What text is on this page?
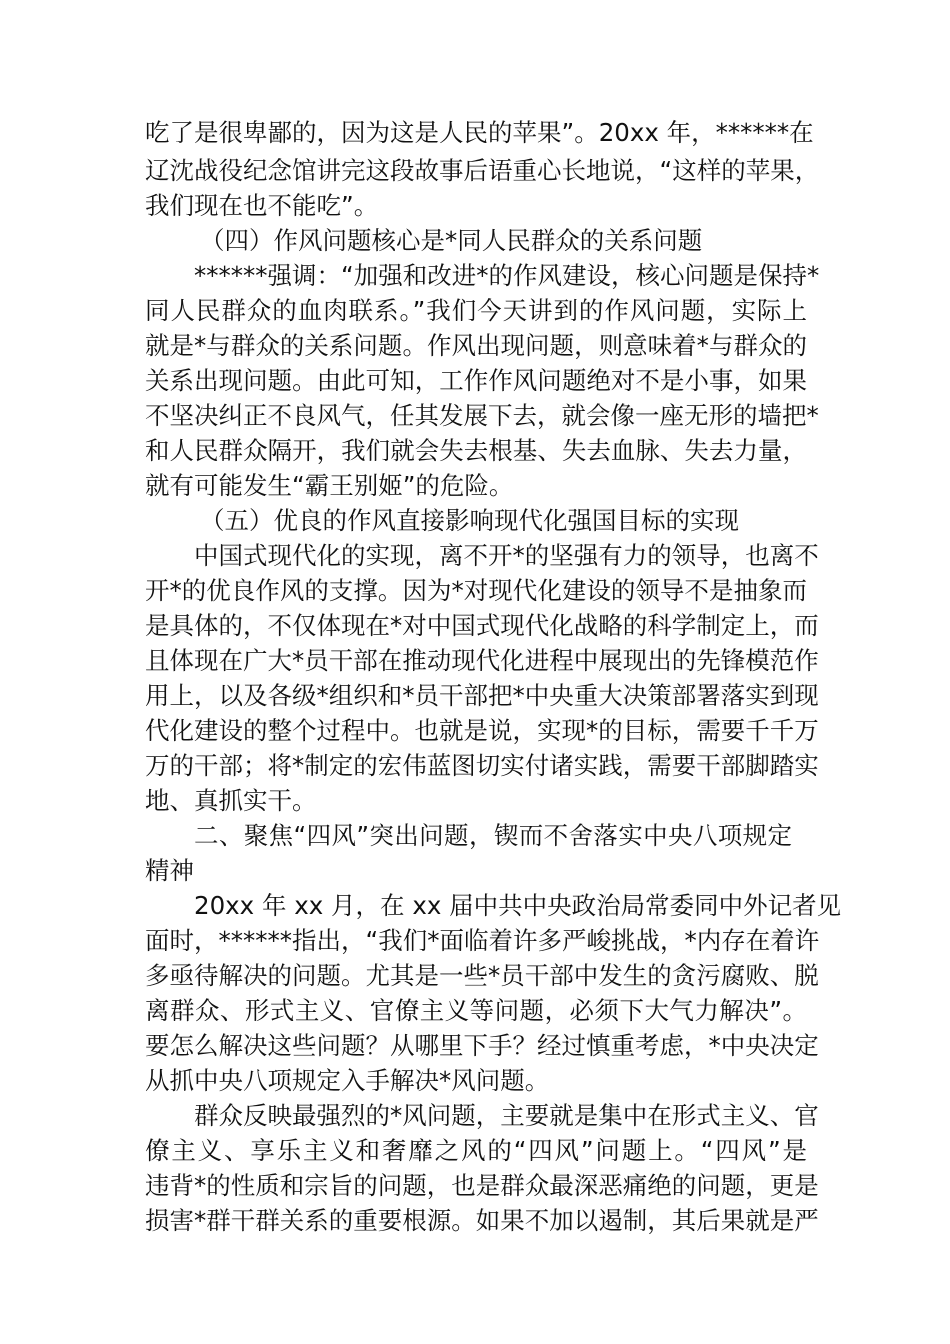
吃了是很卑鄙的，因为这是人民的苹果”。20xx 年，******在
辽沈战役纪念馆讲完这段故事后语重心长地说，“这样的苹果，
我们现在也不能吃”。
（四）作风问题核心是*同人民群众的关系问题
******强调：“加强和改进*的作风建设，核心问题是保持*
同人民群众的血肉联系。”我们今天讲到的作风问题，实际上
就是*与群众的关系问题。作风出现问题，则意味着*与群众的
关系出现问题。由此可知，工作作风问题绝对不是小事，如果
不坚决纠正不良风气，任其发展下去，就会像一座无形的墙把*
和人民群众隔开，我们就会失去根基、失去血脉、失去力量，
就有可能发生“霸王别姬”的危险。
（五）优良的作风直接影响现代化强国目标的实现
中国式现代化的实现，离不开*的坚强有力的领导，也离不
开*的优良作风的支撑。因为*对现代化建设的领导不是抽象而
是具体的，不仅体现在*对中国式现代化战略的科学制定上，而
且体现在广大*员干部在推动现代化进程中展现出的先锋模范作
用上，以及各级*组织和*员干部把*中央重大决策部署落实到现
代化建设的整个过程中。也就是说，实现*的目标，需要千千万
万的干部；将*制定的宏伟蓝图切实付诸实践，需要干部脚踏实
地、真抓实干。
二、聚焦“四风”突出问题，锲而不舍落实中央八项规定
精神
20xx 年 xx 月，在 xx 届中共中央政治局常委同中外记者见
面时，******指出，“我们*面临着许多严峻挑战，*内存在着许
多亟待解决的问题。尤其是一些*员干部中发生的贪污腐败、脱
离群众、形式主义、官僚主义等问题，必须下大气力解决”。
要怎么解决这些问题？从哪里下手？经过慎重考虑，*中央决定
从抓中央八项规定入手解决*风问题。
群众反映最强烈的*风问题，主要就是集中在形式主义、官
僚主义、享乐主义和奢靡之风的“四风”问题上。“四风”是
违背*的性质和宗旨的问题，也是群众最深恶痛绝的问题，更是
损害*群干群关系的重要根源。如果不加以遏制，其后果就是严
